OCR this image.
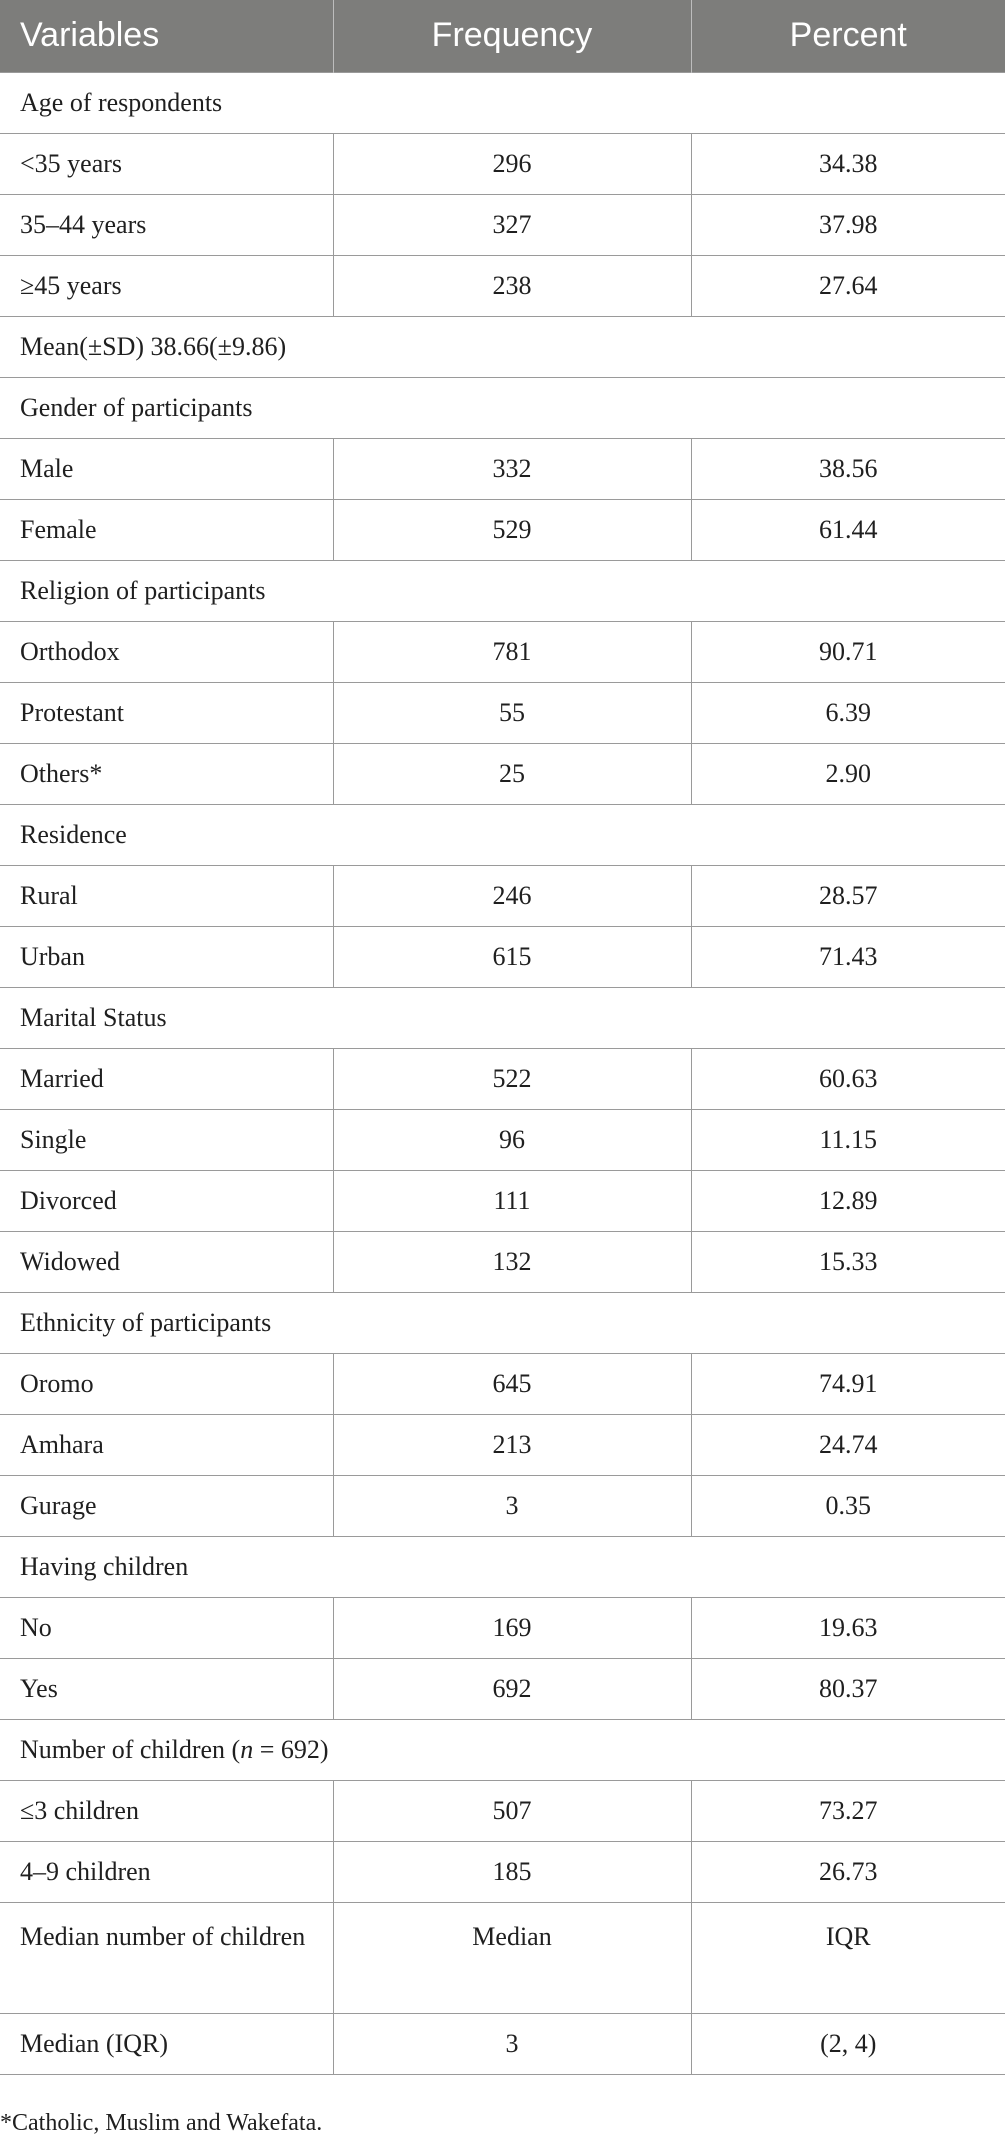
Variables	Frequency	Percent
Age of respondents		
<35 years	296	34.38
35–44 years	327	37.98
≥45 years	238	27.64
Mean(±SD) 38.66(±9.86)		
Gender of participants		
Male	332	38.56
Female	529	61.44
Religion of participants		
Orthodox	781	90.71
Protestant	55	6.39
Others*	25	2.90
Residence		
Rural	246	28.57
Urban	615	71.43
Marital Status		
Married	522	60.63
Single	96	11.15
Divorced	111	12.89
Widowed	132	15.33
Ethnicity of participants		
Oromo	645	74.91
Amhara	213	24.74
Gurage	3	0.35
Having children		
No	169	19.63
Yes	692	80.37
Number of children (n = 692)		
≤3 children	507	73.27
4–9 children	185	26.73
Median number of children	Median	IQR
Median (IQR)	3	(2, 4)
*Catholic, Muslim and Wakefata.
